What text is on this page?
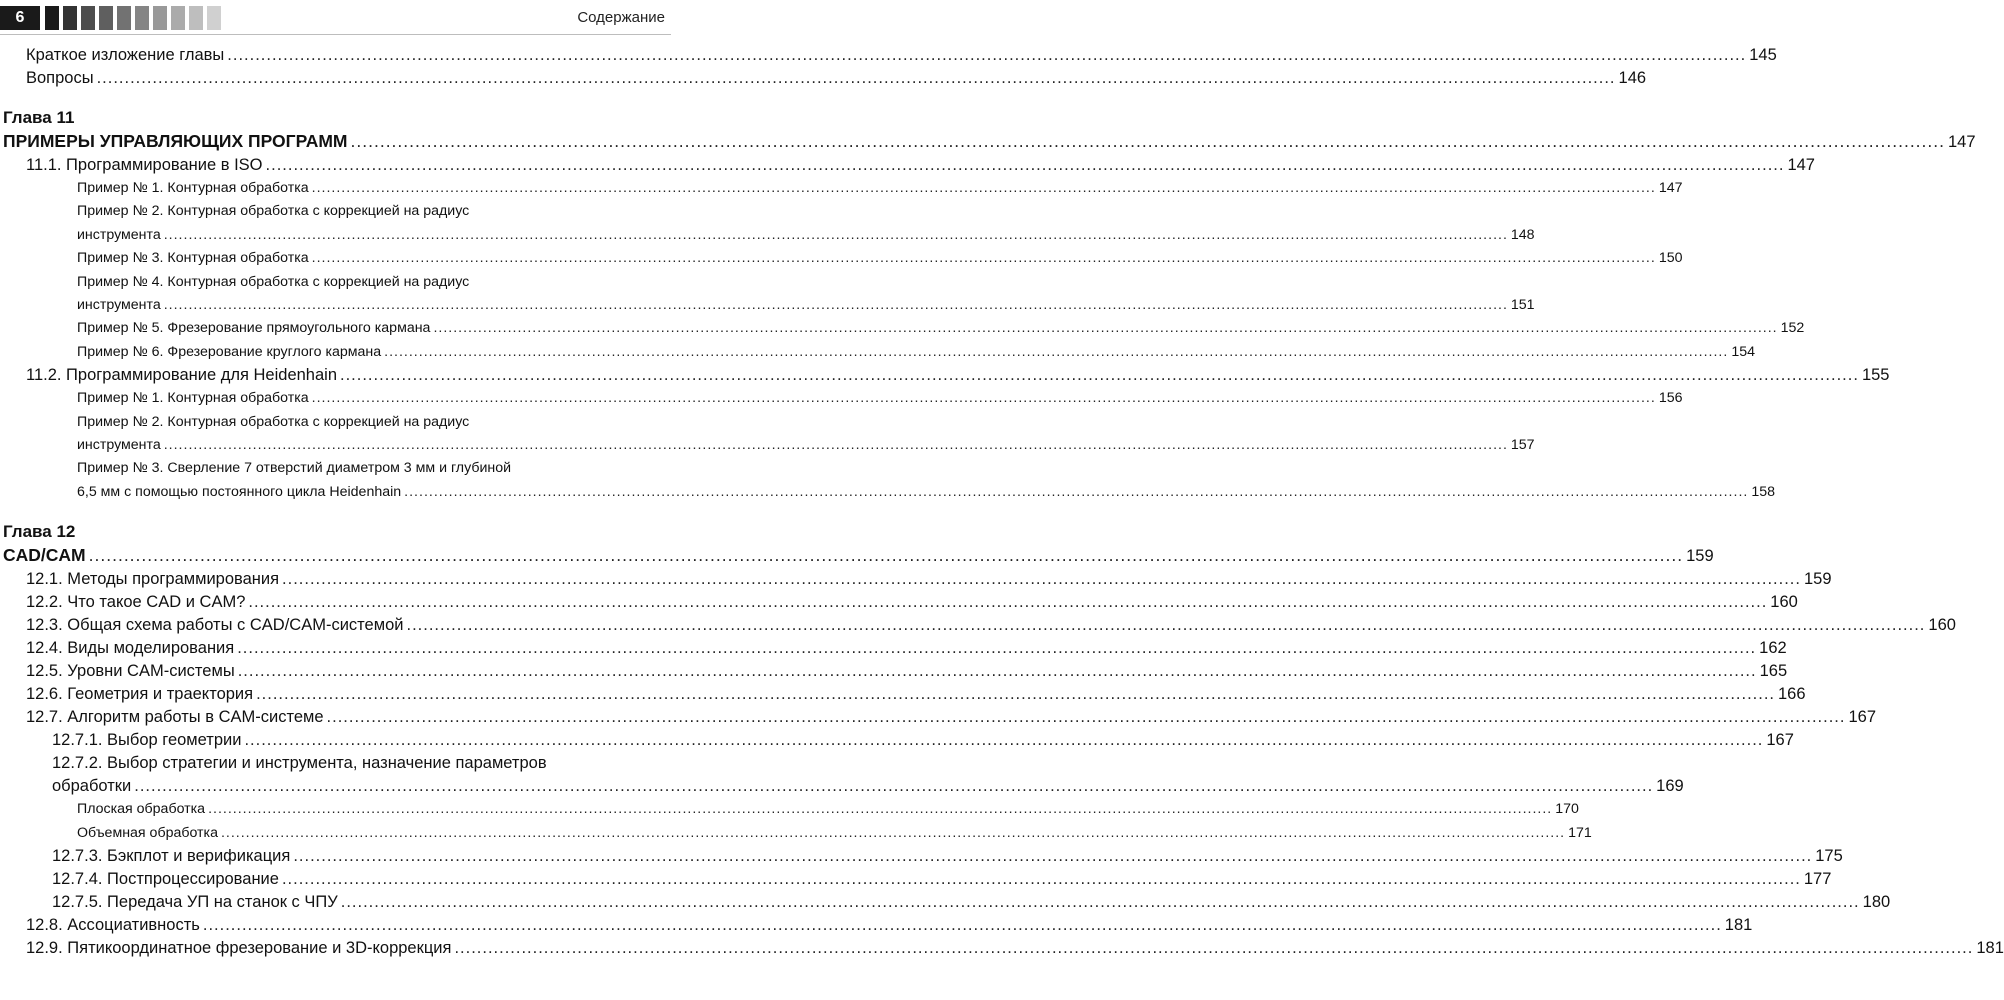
6	Содержание
Краткое изложение главы .....	145
Вопросы .....	146
Глава 11
ПРИМЕРЫ УПРАВЛЯЮЩИХ ПРОГРАММ .....	147
11.1. Программирование в ISO .....	147
Пример № 1. Контурная обработка .....	147
Пример № 2. Контурная обработка с коррекцией на радиус
инструмента .....	148
Пример № 3. Контурная обработка .....	150
Пример № 4. Контурная обработка с коррекцией на радиус
инструмента .....	151
Пример № 5. Фрезерование прямоугольного кармана .....	152
Пример № 6. Фрезерование круглого кармана .....	154
11.2. Программирование для Heidenhain .....	155
Пример № 1. Контурная обработка .....	156
Пример № 2. Контурная обработка с коррекцией на радиус
инструмента .....	157
Пример № 3. Сверление 7 отверстий диаметром 3 мм и глубиной
6,5 мм с помощью постоянного цикла Heidenhain .....	158
Глава 12
CAD/CAM .....	159
12.1. Методы программирования .....	159
12.2. Что такое CAD и CAM? .....	160
12.3. Общая схема работы с CAD/CAM-системой .....	160
12.4. Виды моделирования .....	162
12.5. Уровни CAM-системы .....	165
12.6. Геометрия и траектория .....	166
12.7. Алгоритм работы в CAM-системе .....	167
12.7.1. Выбор геометрии .....	167
12.7.2. Выбор стратегии и инструмента, назначение параметров
обработки .....	169
Плоская обработка .....	170
Объемная обработка .....	171
12.7.3. Бэкплот и верификация .....	175
12.7.4. Постпроцессирование .....	177
12.7.5. Передача УП на станок с ЧПУ .....	180
12.8. Ассоциативность .....	181
12.9. Пятикоординатное фрезерование и 3D-коррекция .....	181
